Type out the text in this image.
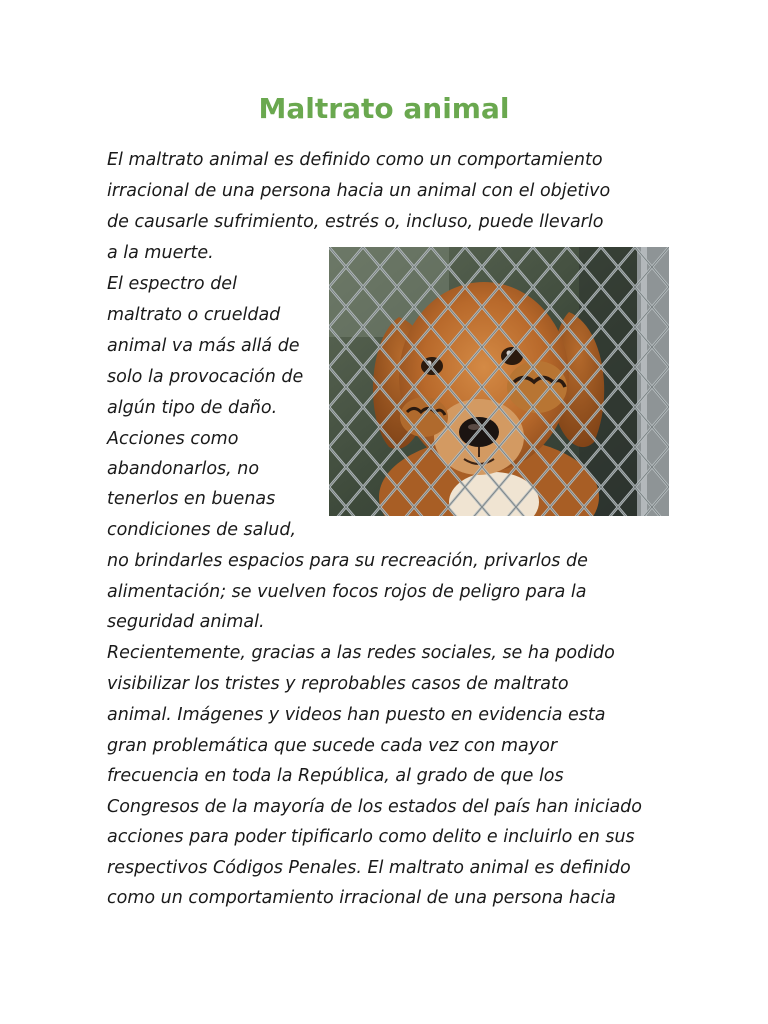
Maltrato animal
El maltrato animal es definido como un comportamiento
irracional de una persona hacia un animal con el objetivo
de causarle sufrimiento, estrés o, incluso, puede llevarlo
a la muerte.
El espectro del
maltrato o crueldad
animal va más allá de
solo la provocación de
algún tipo de daño.
Acciones como
abandonarlos, no
tenerlos en buenas
condiciones de salud,
no brindarles espacios para su recreación, privarlos de
alimentación; se vuelven focos rojos de peligro para la
seguridad animal.
Recientemente, gracias a las redes sociales, se ha podido
visibilizar los tristes y reprobables casos de maltrato
animal. Imágenes y videos han puesto en evidencia esta
gran problemática que sucede cada vez con mayor
frecuencia en toda la República, al grado de que los
Congresos de la mayoría de los estados del país han iniciado
acciones para poder tipificarlo como delito e incluirlo en sus
respectivos Códigos Penales. El maltrato animal es definido
como un comportamiento irracional de una persona hacia
